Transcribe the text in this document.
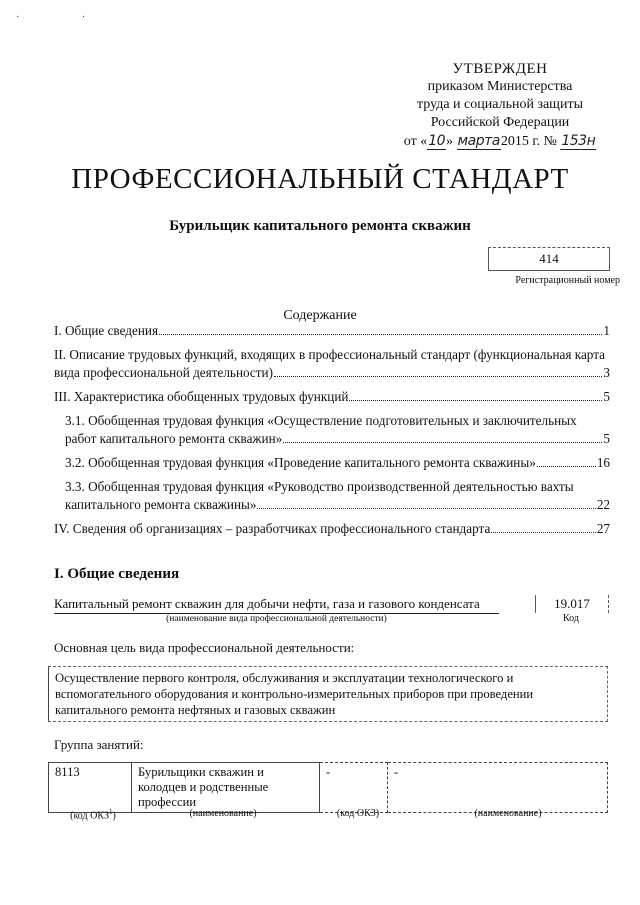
· ·
УТВЕРЖДЕН
приказом Министерства
труда и социальной защиты
Российской Федерации
от «10» марта2015 г. № 153н
ПРОФЕССИОНАЛЬНЫЙ СТАНДАРТ
Бурильщик капитального ремонта скважин
414
Регистрационный номер
Содержание
I. Общие сведения	1
II. Описание трудовых функций, входящих в профессиональный стандарт (функциональная карта
вида профессиональной деятельности)	3
III. Характеристика обобщенных трудовых функций	5
3.1. Обобщенная трудовая функция «Осуществление подготовительных и заключительных
работ капитального ремонта скважин»	5
3.2. Обобщенная трудовая функция «Проведение капитального ремонта скважины»	16
3.3. Обобщенная трудовая функция «Руководство производственной деятельностью вахты
капитального ремонта скважины»	22
IV. Сведения об организациях – разработчиках профессионального стандарта	27
I. Общие сведения
Капитальный ремонт скважин для добычи нефти, газа и газового конденсата
(наименование вида профессиональной деятельности)
19.017
Код
Основная цель вида профессиональной деятельности:
Осуществление первого контроля, обслуживания и эксплуатации технологического и вспомогательного оборудования и контрольно-измерительных приборов при проведении капитального ремонта нефтяных и газовых скважин
Группа занятий:
8113	Бурильщики скважин и колодцев и родственные профессии	-	-
(код ОКЗ$^1$)	(наименование)	(код ОКЗ)	(наименование)
